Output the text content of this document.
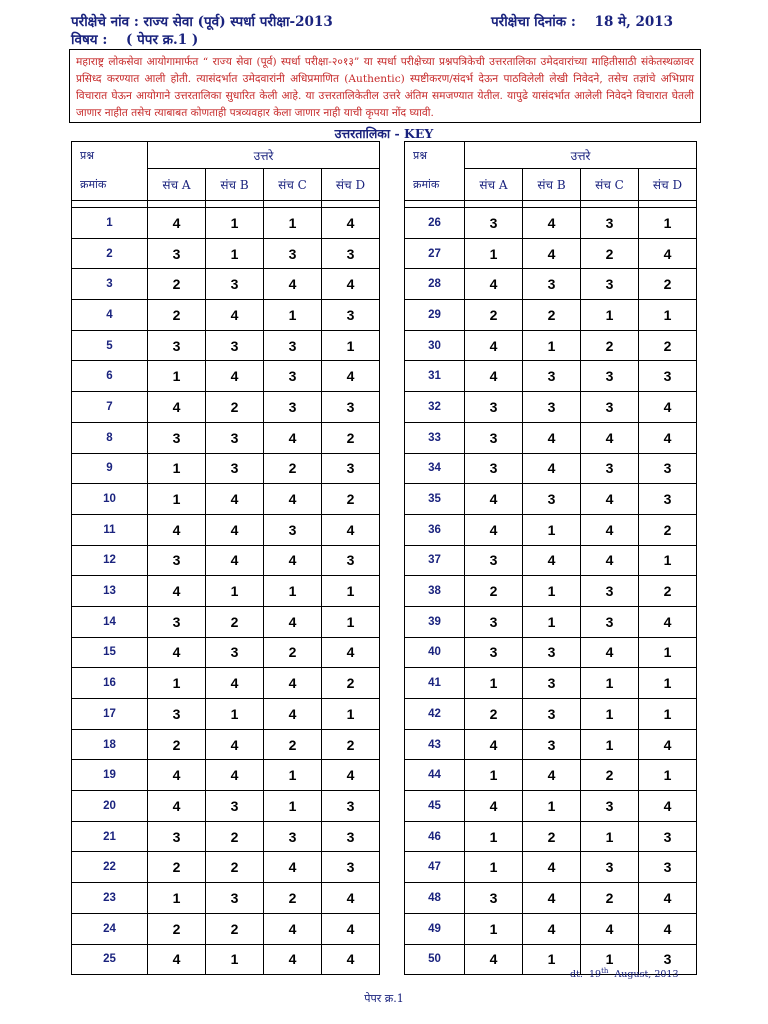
परीक्षेचे नांव : राज्य सेवा (पूर्व) स्पर्धा परीक्षा-2013	परीक्षेचा दिनांक : 18 मे, 2013
विषय : ( पेपर क्र.1 )
महाराष्ट्र लोकसेवा आयोगामार्फत “ राज्य सेवा (पूर्व) स्पर्धा परीक्षा-२०१३” या स्पर्धा परीक्षेच्या प्रश्नपत्रिकेची उत्तरतालिका उमेदवारांच्या माहितीसाठी संकेतस्थळावर प्रसिध्द करण्यात आली होती. त्यासंदर्भात उमेदवारांनी अधिप्रमाणित (Authentic) स्पष्टीकरण/संदर्भ देऊन पाठविलेली लेखी निवेदने, तसेच तज्ञांचे अभिप्राय विचारात घेऊन आयोगाने उत्तरतालिका सुधारित केली आहे. या उत्तरतालिकेतील उत्तरे अंतिम समजण्यात येतील. यापुढे यासंदर्भात आलेली निवेदने विचारात घेतली जाणार नाहीत तसेच त्याबाबत कोणताही पत्रव्यवहार केला जाणार नाही याची कृपया नोंद घ्यावी.
उत्तरतालिका - KEY
प्रश्न	उत्तरे			
क्रमांक	संच A	संच B	संच C	संच D

1	4	1	1	4
2	3	1	3	3
3	2	3	4	4
4	2	4	1	3
5	3	3	3	1
6	1	4	3	4
7	4	2	3	3
8	3	3	4	2
9	1	3	2	3
10	1	4	4	2
11	4	4	3	4
12	3	4	4	3
13	4	1	1	1
14	3	2	4	1
15	4	3	2	4
16	1	4	4	2
17	3	1	4	1
18	2	4	2	2
19	4	4	1	4
20	4	3	1	3
21	3	2	3	3
22	2	2	4	3
23	1	3	2	4
24	2	2	4	4
25	4	1	4	4
प्रश्न	उत्तरे			
क्रमांक	संच A	संच B	संच C	संच D

26	3	4	3	1
27	1	4	2	4
28	4	3	3	2
29	2	2	1	1
30	4	1	2	2
31	4	3	3	3
32	3	3	3	4
33	3	4	4	4
34	3	4	3	3
35	4	3	4	3
36	4	1	4	2
37	3	4	4	1
38	2	1	3	2
39	3	1	3	4
40	3	3	4	1
41	1	3	1	1
42	2	3	1	1
43	4	3	1	4
44	1	4	2	1
45	4	1	3	4
46	1	2	1	3
47	1	4	3	3
48	3	4	2	4
49	1	4	4	4
50	4	1	1	3
dt. 19th August, 2013
पेपर क्र.1
